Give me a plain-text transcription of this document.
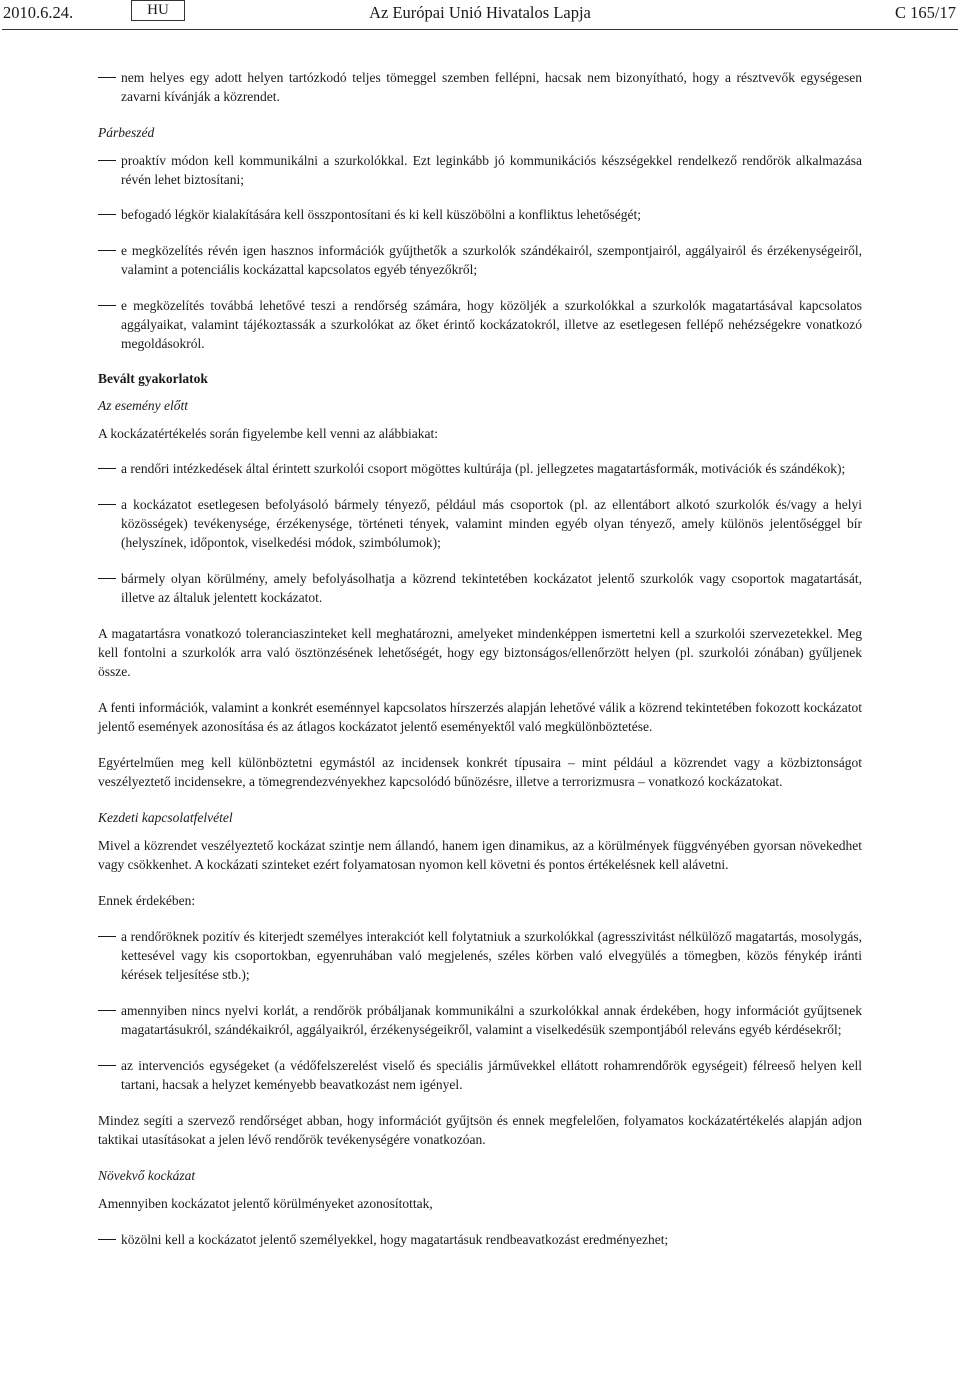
2010.6.24.	HU	Az Európai Unió Hivatalos Lapja	C 165/17

nem helyes egy adott helyen tartózkodó teljes tömeggel szemben fellépni, hacsak nem bizonyítható, hogy a résztvevők egységesen zavarni kívánják a közrendet.

Párbeszéd

proaktív módon kell kommunikálni a szurkolókkal. Ezt leginkább jó kommunikációs készségekkel rendelkező rendőrök alkalmazása révén lehet biztosítani;

befogadó légkör kialakítására kell összpontosítani és ki kell küszöbölni a konfliktus lehetőségét;

e megközelítés révén igen hasznos információk gyűjthetők a szurkolók szándékairól, szempontjairól, aggályairól és érzékenységeiről, valamint a potenciális kockázattal kapcsolatos egyéb tényezőkről;

e megközelítés továbbá lehetővé teszi a rendőrség számára, hogy közöljék a szurkolókkal a szurkolók magatartásával kapcsolatos aggályaikat, valamint tájékoztassák a szurkolókat az őket érintő kockázatokról, illetve az esetlegesen fellépő nehézségekre vonatkozó megoldásokról.

Bevált gyakorlatok

Az esemény előtt

A kockázatértékelés során figyelembe kell venni az alábbiakat:

a rendőri intézkedések által érintett szurkolói csoport mögöttes kultúrája (pl. jellegzetes magatartásformák, motivációk és szándékok);

a kockázatot esetlegesen befolyásoló bármely tényező, például más csoportok (pl. az ellentábort alkotó szurkolók és/vagy a helyi közösségek) tevékenysége, érzékenysége, történeti tények, valamint minden egyéb olyan tényező, amely különös jelentőséggel bír (helyszínek, időpontok, viselkedési módok, szimbólumok);

bármely olyan körülmény, amely befolyásolhatja a közrend tekintetében kockázatot jelentő szurkolók vagy csoportok magatartását, illetve az általuk jelentett kockázatot.

A magatartásra vonatkozó toleranciaszinteket kell meghatározni, amelyeket mindenképpen ismertetni kell a szurkolói szervezetekkel. Meg kell fontolni a szurkolók arra való ösztönzésének lehetőségét, hogy egy biztonságos/ellenőrzött helyen (pl. szurkolói zónában) gyűljenek össze.

A fenti információk, valamint a konkrét eseménnyel kapcsolatos hírszerzés alapján lehetővé válik a közrend tekintetében fokozott kockázatot jelentő események azonosítása és az átlagos kockázatot jelentő eseményektől való megkülönböztetése.

Egyértelműen meg kell különböztetni egymástól az incidensek konkrét típusaira – mint például a közrendet vagy a közbiztonságot veszélyeztető incidensekre, a tömegrendezvényekhez kapcsolódó bűnözésre, illetve a terrorizmusra – vonatkozó kockázatokat.

Kezdeti kapcsolatfelvétel

Mivel a közrendet veszélyeztető kockázat szintje nem állandó, hanem igen dinamikus, az a körülmények függvényében gyorsan növekedhet vagy csökkenhet. A kockázati szinteket ezért folyamatosan nyomon kell követni és pontos értékelésnek kell alávetni.

Ennek érdekében:

a rendőröknek pozitív és kiterjedt személyes interakciót kell folytatniuk a szurkolókkal (agresszivitást nélkülöző magatartás, mosolygás, kettesével vagy kis csoportokban, egyenruhában való megjelenés, széles körben való elvegyülés a tömegben, közös fénykép iránti kérések teljesítése stb.);

amennyiben nincs nyelvi korlát, a rendőrök próbáljanak kommunikálni a szurkolókkal annak érdekében, hogy információt gyűjtsenek magatartásukról, szándékaikról, aggályaikról, érzékenységeikről, valamint a viselkedésük szempontjából releváns egyéb kérdésekről;

az intervenciós egységeket (a védőfelszerelést viselő és speciális járművekkel ellátott rohamrendőrök egységeit) félreeső helyen kell tartani, hacsak a helyzet keményebb beavatkozást nem igényel.

Mindez segíti a szervező rendőrséget abban, hogy információt gyűjtsön és ennek megfelelően, folyamatos kockázatértékelés alapján adjon taktikai utasításokat a jelen lévő rendőrök tevékenységére vonatkozóan.

Növekvő kockázat

Amennyiben kockázatot jelentő körülményeket azonosítottak,

közölni kell a kockázatot jelentő személyekkel, hogy magatartásuk rendbeavatkozást eredményezhet;
